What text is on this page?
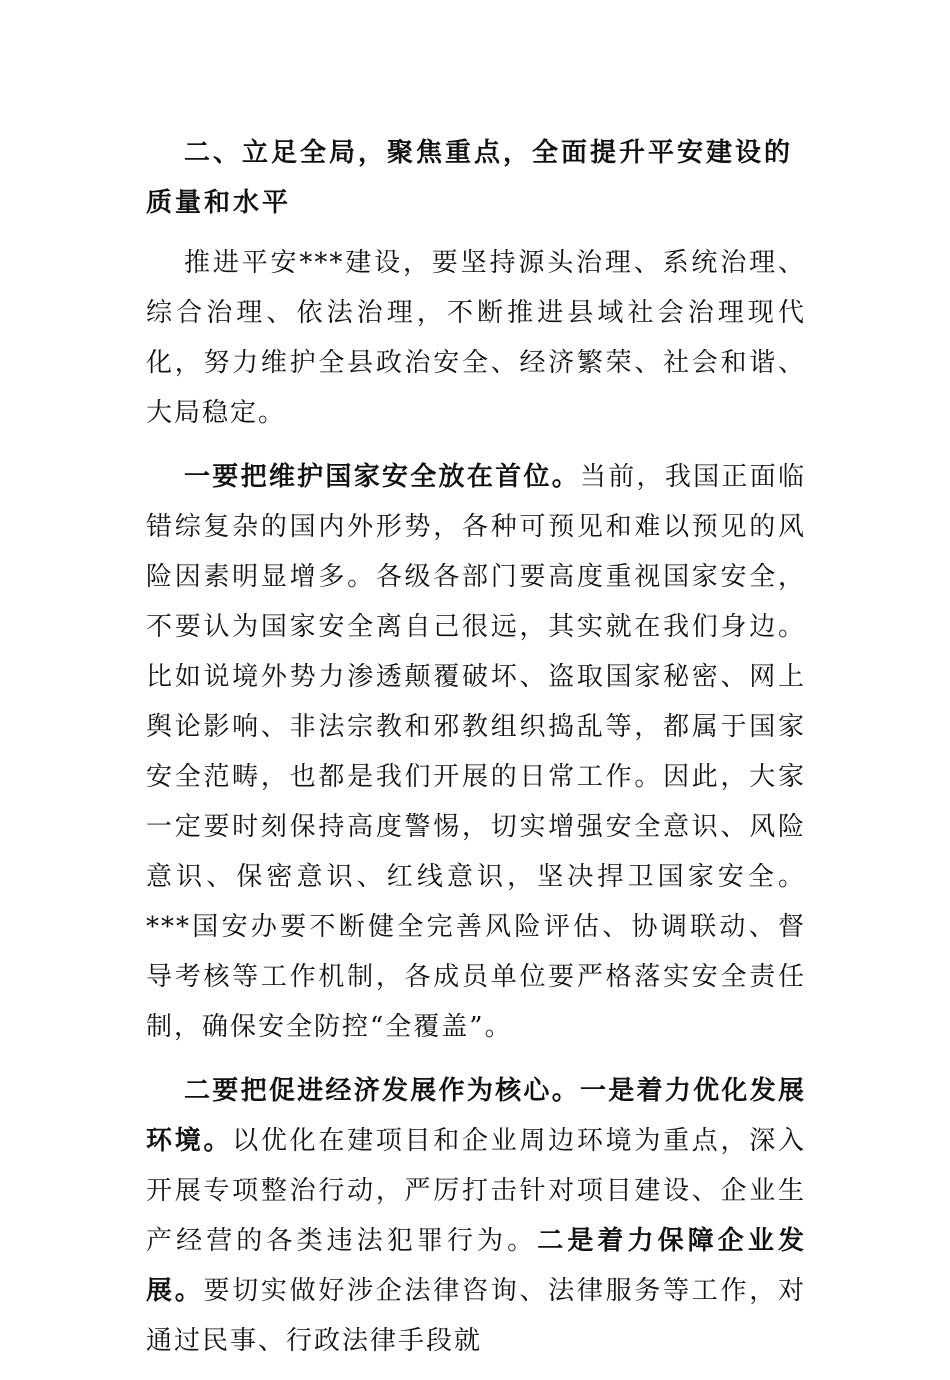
二、立足全局，聚焦重点，全面提升平安建设的质量和水平

推进平安***建设，要坚持源头治理、系统治理、综合治理、依法治理，不断推进县域社会治理现代化，努力维护全县政治安全、经济繁荣、社会和谐、大局稳定。

一要把维护国家安全放在首位。当前，我国正面临错综复杂的国内外形势，各种可预见和难以预见的风险因素明显增多。各级各部门要高度重视国家安全，不要认为国家安全离自己很远，其实就在我们身边。比如说境外势力渗透颠覆破坏、盗取国家秘密、网上舆论影响、非法宗教和邪教组织捣乱等，都属于国家安全范畴，也都是我们开展的日常工作。因此，大家一定要时刻保持高度警惕，切实增强安全意识、风险意识、保密意识、红线意识，坚决捍卫国家安全。***国安办要不断健全完善风险评估、协调联动、督导考核等工作机制，各成员单位要严格落实安全责任制，确保安全防控“全覆盖”。

二要把促进经济发展作为核心。一是着力优化发展环境。以优化在建项目和企业周边环境为重点，深入开展专项整治行动，严厉打击针对项目建设、企业生产经营的各类违法犯罪行为。二是着力保障企业发展。要切实做好涉企法律咨询、法律服务等工作，对通过民事、行政法律手段就
